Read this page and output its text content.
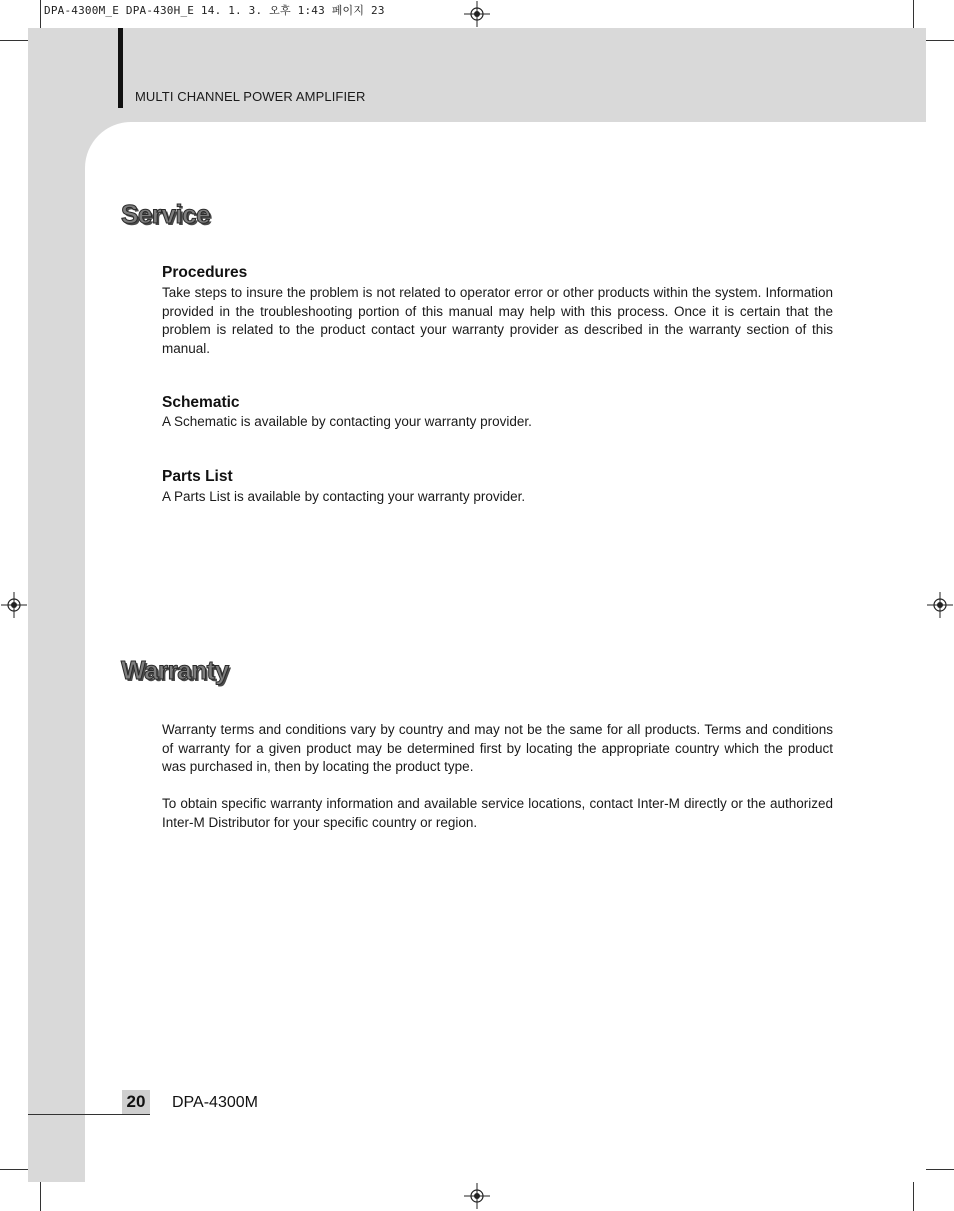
DPA-4300M_E DPA-430H_E 14. 1. 3. 오후 1:43 페이지 23
MULTI CHANNEL POWER AMPLIFIER
Service
Procedures

Take steps to insure the problem is not related to operator error or other products within the system. Information provided in the troubleshooting portion of this manual may help with this process. Once it is certain that the problem is related to the product contact your warranty provider as described in the warranty section of this manual.

Schematic

A Schematic is available by contacting your warranty provider.

Parts List

A Parts List is available by contacting your warranty provider.

Warranty

Warranty terms and conditions vary by country and may not be the same for all products. Terms and conditions of warranty for a given product may be determined first by locating the appropriate country which the product was purchased in, then by locating the product type.

To obtain specific warranty information and available service locations, contact Inter-M directly or the authorized Inter-M Distributor for your specific country or region.

20 DPA-4300M
